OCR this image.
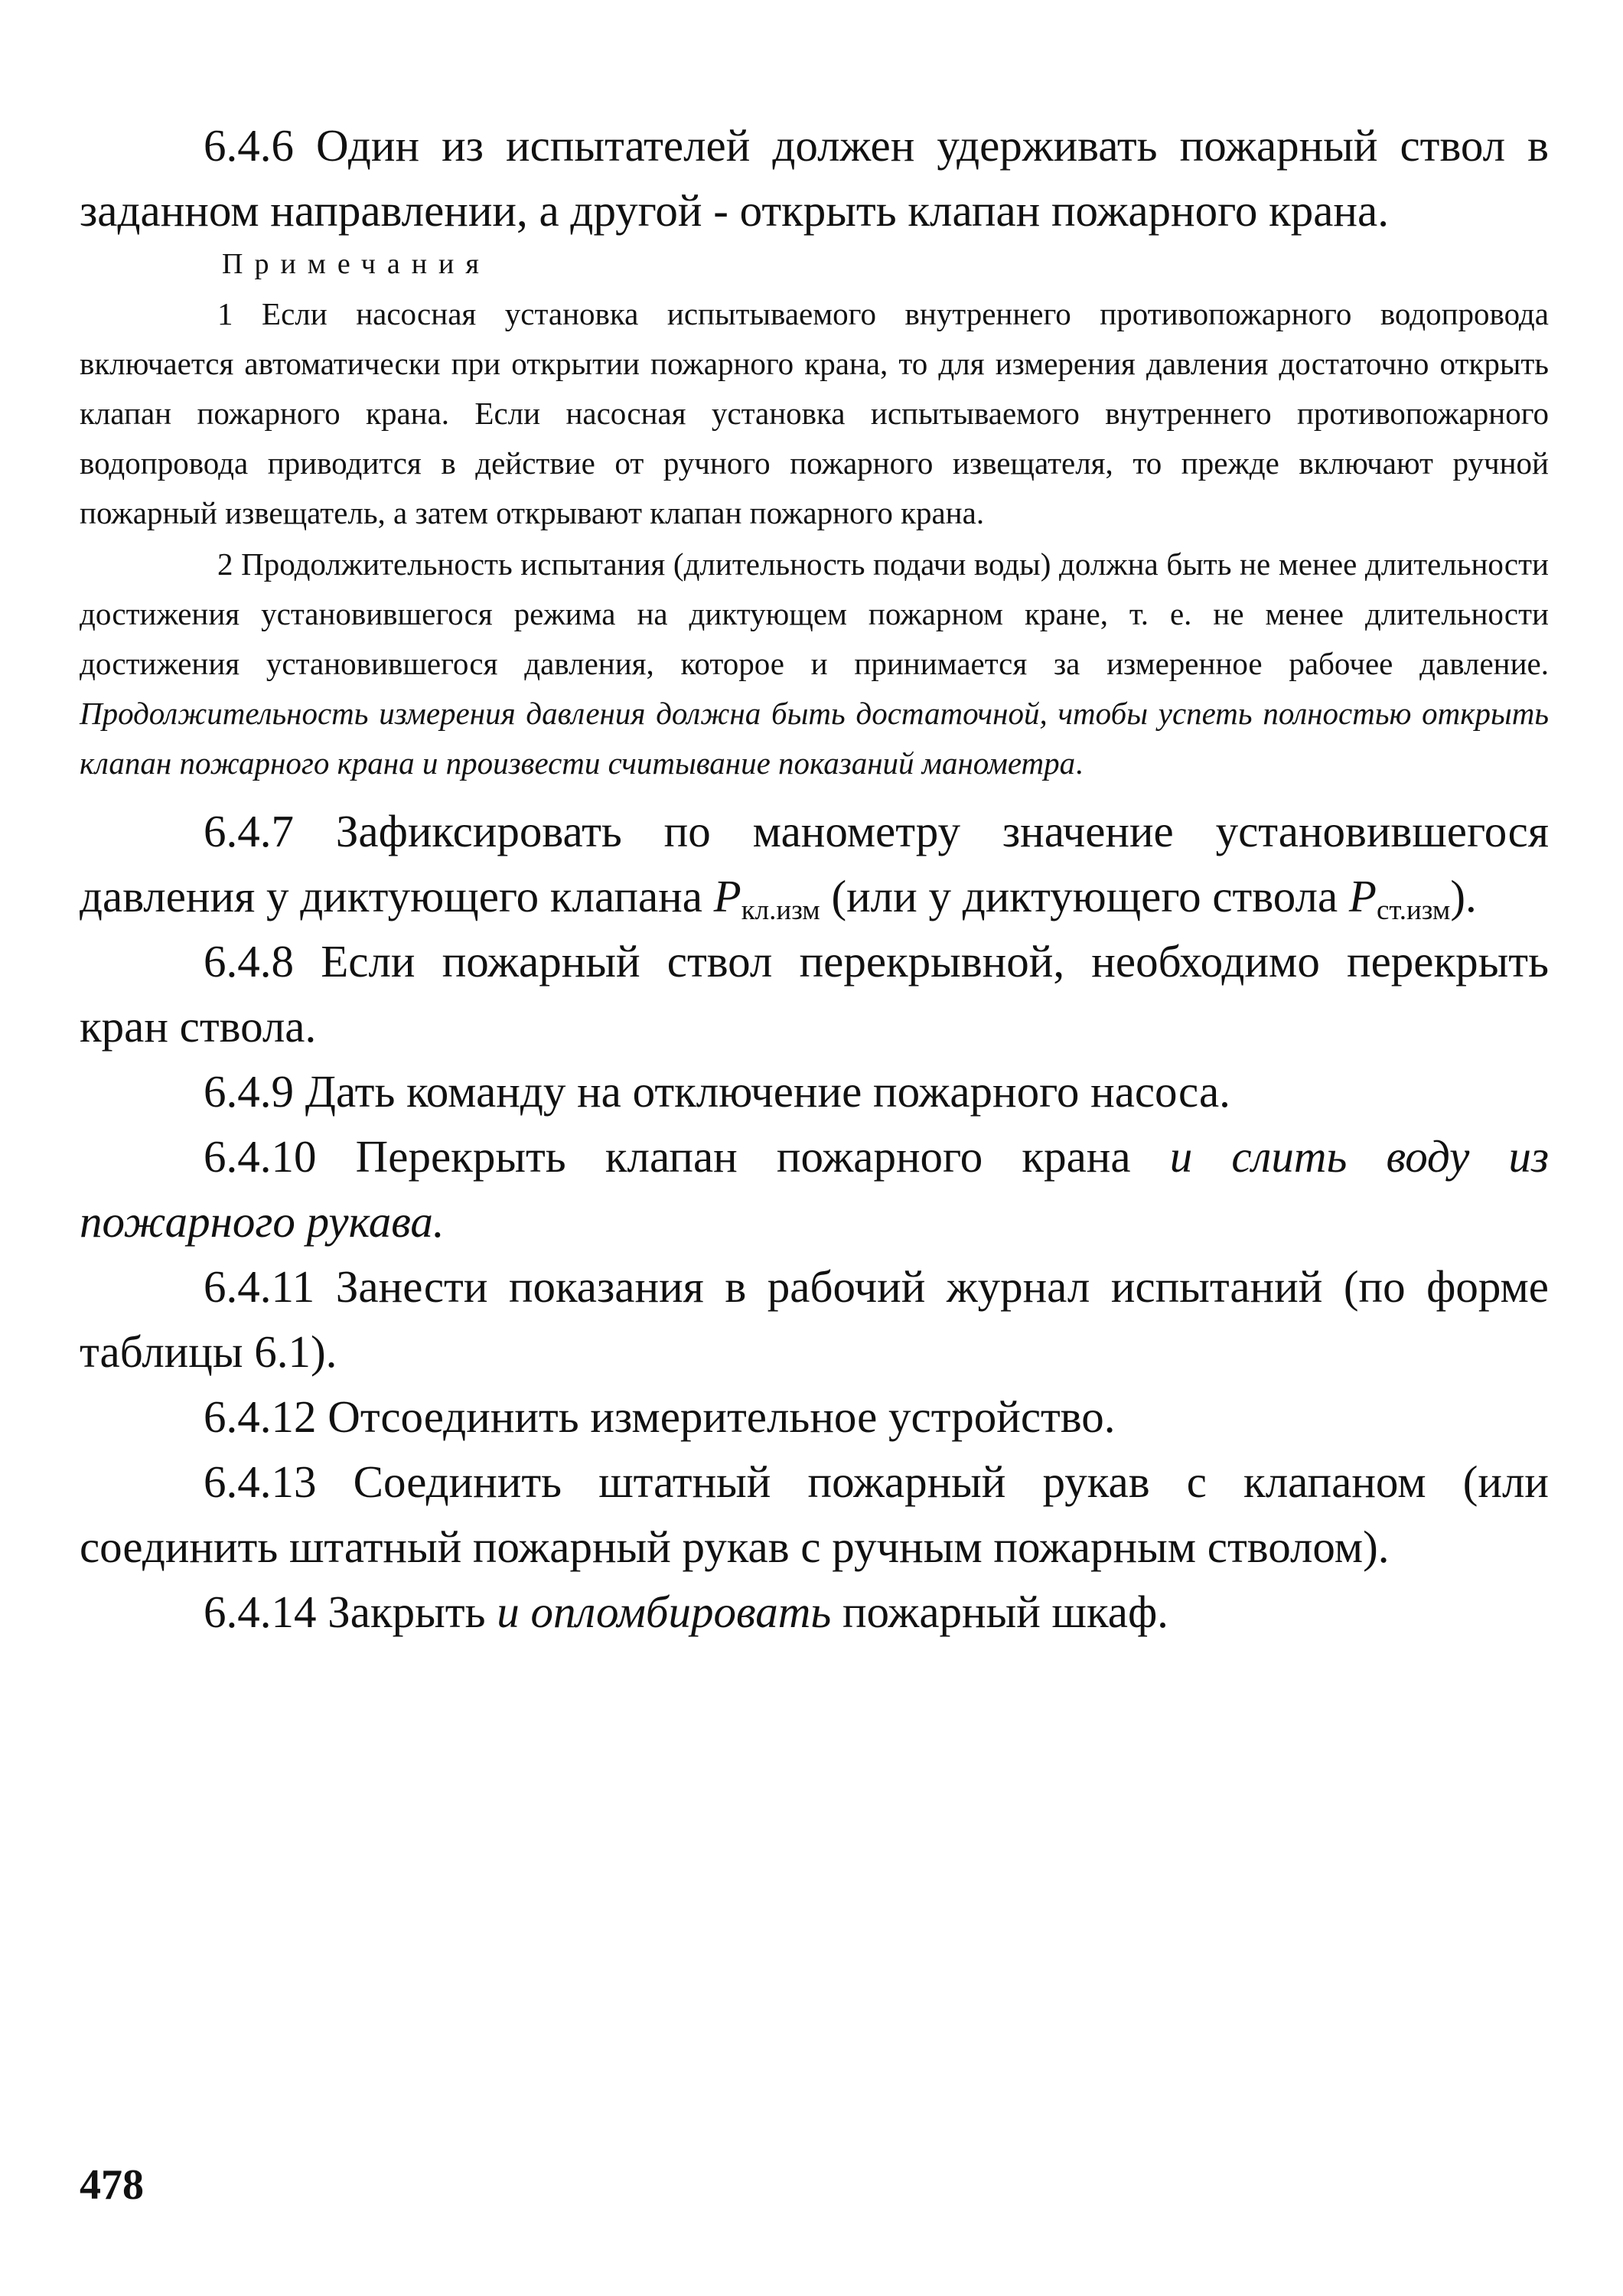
6.4.6 Один из испытателей должен удерживать пожарный ствол в заданном направлении, а другой - открыть клапан пожарного крана.

Примечания

1 Если насосная установка испытываемого внутреннего противопожарного водопровода включается автоматически при открытии пожарного крана, то для измерения давления достаточно открыть клапан пожарного крана. Если насосная установка испытываемого внутреннего противопожарного водопровода приводится в действие от ручного пожарного извещателя, то прежде включают ручной пожарный извещатель, а затем открывают клапан пожарного крана.

2 Продолжительность испытания (длительность подачи воды) должна быть не менее длительности достижения установившегося режима на диктующем пожарном кране, т. е. не менее длительности достижения установившегося давления, которое и принимается за измеренное рабочее давление. Продолжительность измерения давления должна быть достаточной, чтобы успеть полностью открыть клапан пожарного крана и произвести считывание показаний манометра.

6.4.7 Зафиксировать по манометру значение установившегося давления у диктующего клапана $P_{кл.изм}$ (или у диктующего ствола $P_{ст.изм}$).

6.4.8 Если пожарный ствол перекрывной, необходимо перекрыть кран ствола.

6.4.9 Дать команду на отключение пожарного насоса.

6.4.10 Перекрыть клапан пожарного крана и слить воду из пожарного рукава.

6.4.11 Занести показания в рабочий журнал испытаний (по форме таблицы 6.1).

6.4.12 Отсоединить измерительное устройство.

6.4.13 Соединить штатный пожарный рукав с клапаном (или соединить штатный пожарный рукав с ручным пожарным стволом).

6.4.14 Закрыть и опломбировать пожарный шкаф.

478
